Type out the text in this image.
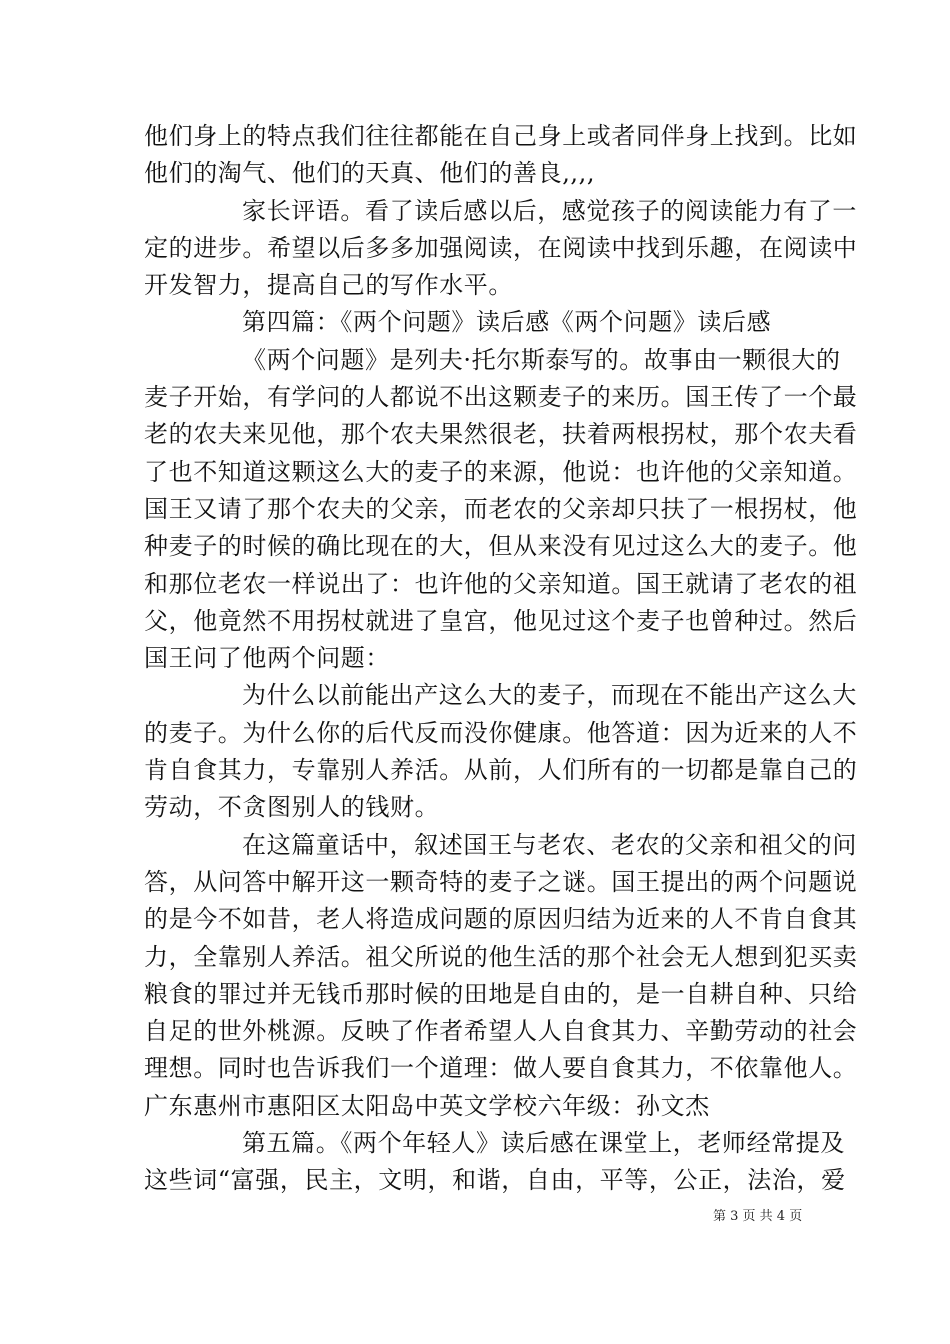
他们身上的特点我们往往都能在自己身上或者同伴身上找到。比如
他们的淘气、他们的天真、他们的善良,,,,
家长评语。看了读后感以后，感觉孩子的阅读能力有了一
定的进步。希望以后多多加强阅读，在阅读中找到乐趣，在阅读中
开发智力，提高自己的写作水平。
第四篇：《两个问题》读后感《两个问题》读后感
《两个问题》是列夫·托尔斯泰写的。故事由一颗很大的
麦子开始，有学问的人都说不出这颗麦子的来历。国王传了一个最
老的农夫来见他，那个农夫果然很老，扶着两根拐杖，那个农夫看
了也不知道这颗这么大的麦子的来源，他说：也许他的父亲知道。
国王又请了那个农夫的父亲，而老农的父亲却只扶了一根拐杖，他
种麦子的时候的确比现在的大，但从来没有见过这么大的麦子。他
和那位老农一样说出了：也许他的父亲知道。国王就请了老农的祖
父，他竟然不用拐杖就进了皇宫，他见过这个麦子也曾种过。然后
国王问了他两个问题：
为什么以前能出产这么大的麦子，而现在不能出产这么大
的麦子。为什么你的后代反而没你健康。他答道：因为近来的人不
肯自食其力，专靠别人养活。从前，人们所有的一切都是靠自己的
劳动，不贪图别人的钱财。
在这篇童话中，叙述国王与老农、老农的父亲和祖父的问
答，从问答中解开这一颗奇特的麦子之谜。国王提出的两个问题说
的是今不如昔，老人将造成问题的原因归结为近来的人不肯自食其
力，全靠别人养活。祖父所说的他生活的那个社会无人想到犯买卖
粮食的罪过并无钱币那时候的田地是自由的，是一自耕自种、只给
自足的世外桃源。反映了作者希望人人自食其力、辛勤劳动的社会
理想。同时也告诉我们一个道理：做人要自食其力，不依靠他人。
广东惠州市惠阳区太阳岛中英文学校六年级：孙文杰
第五篇。《两个年轻人》读后感在课堂上，老师经常提及
这些词“富强，民主，文明，和谐，自由，平等，公正，法治，爱
第 3 页 共 4 页
